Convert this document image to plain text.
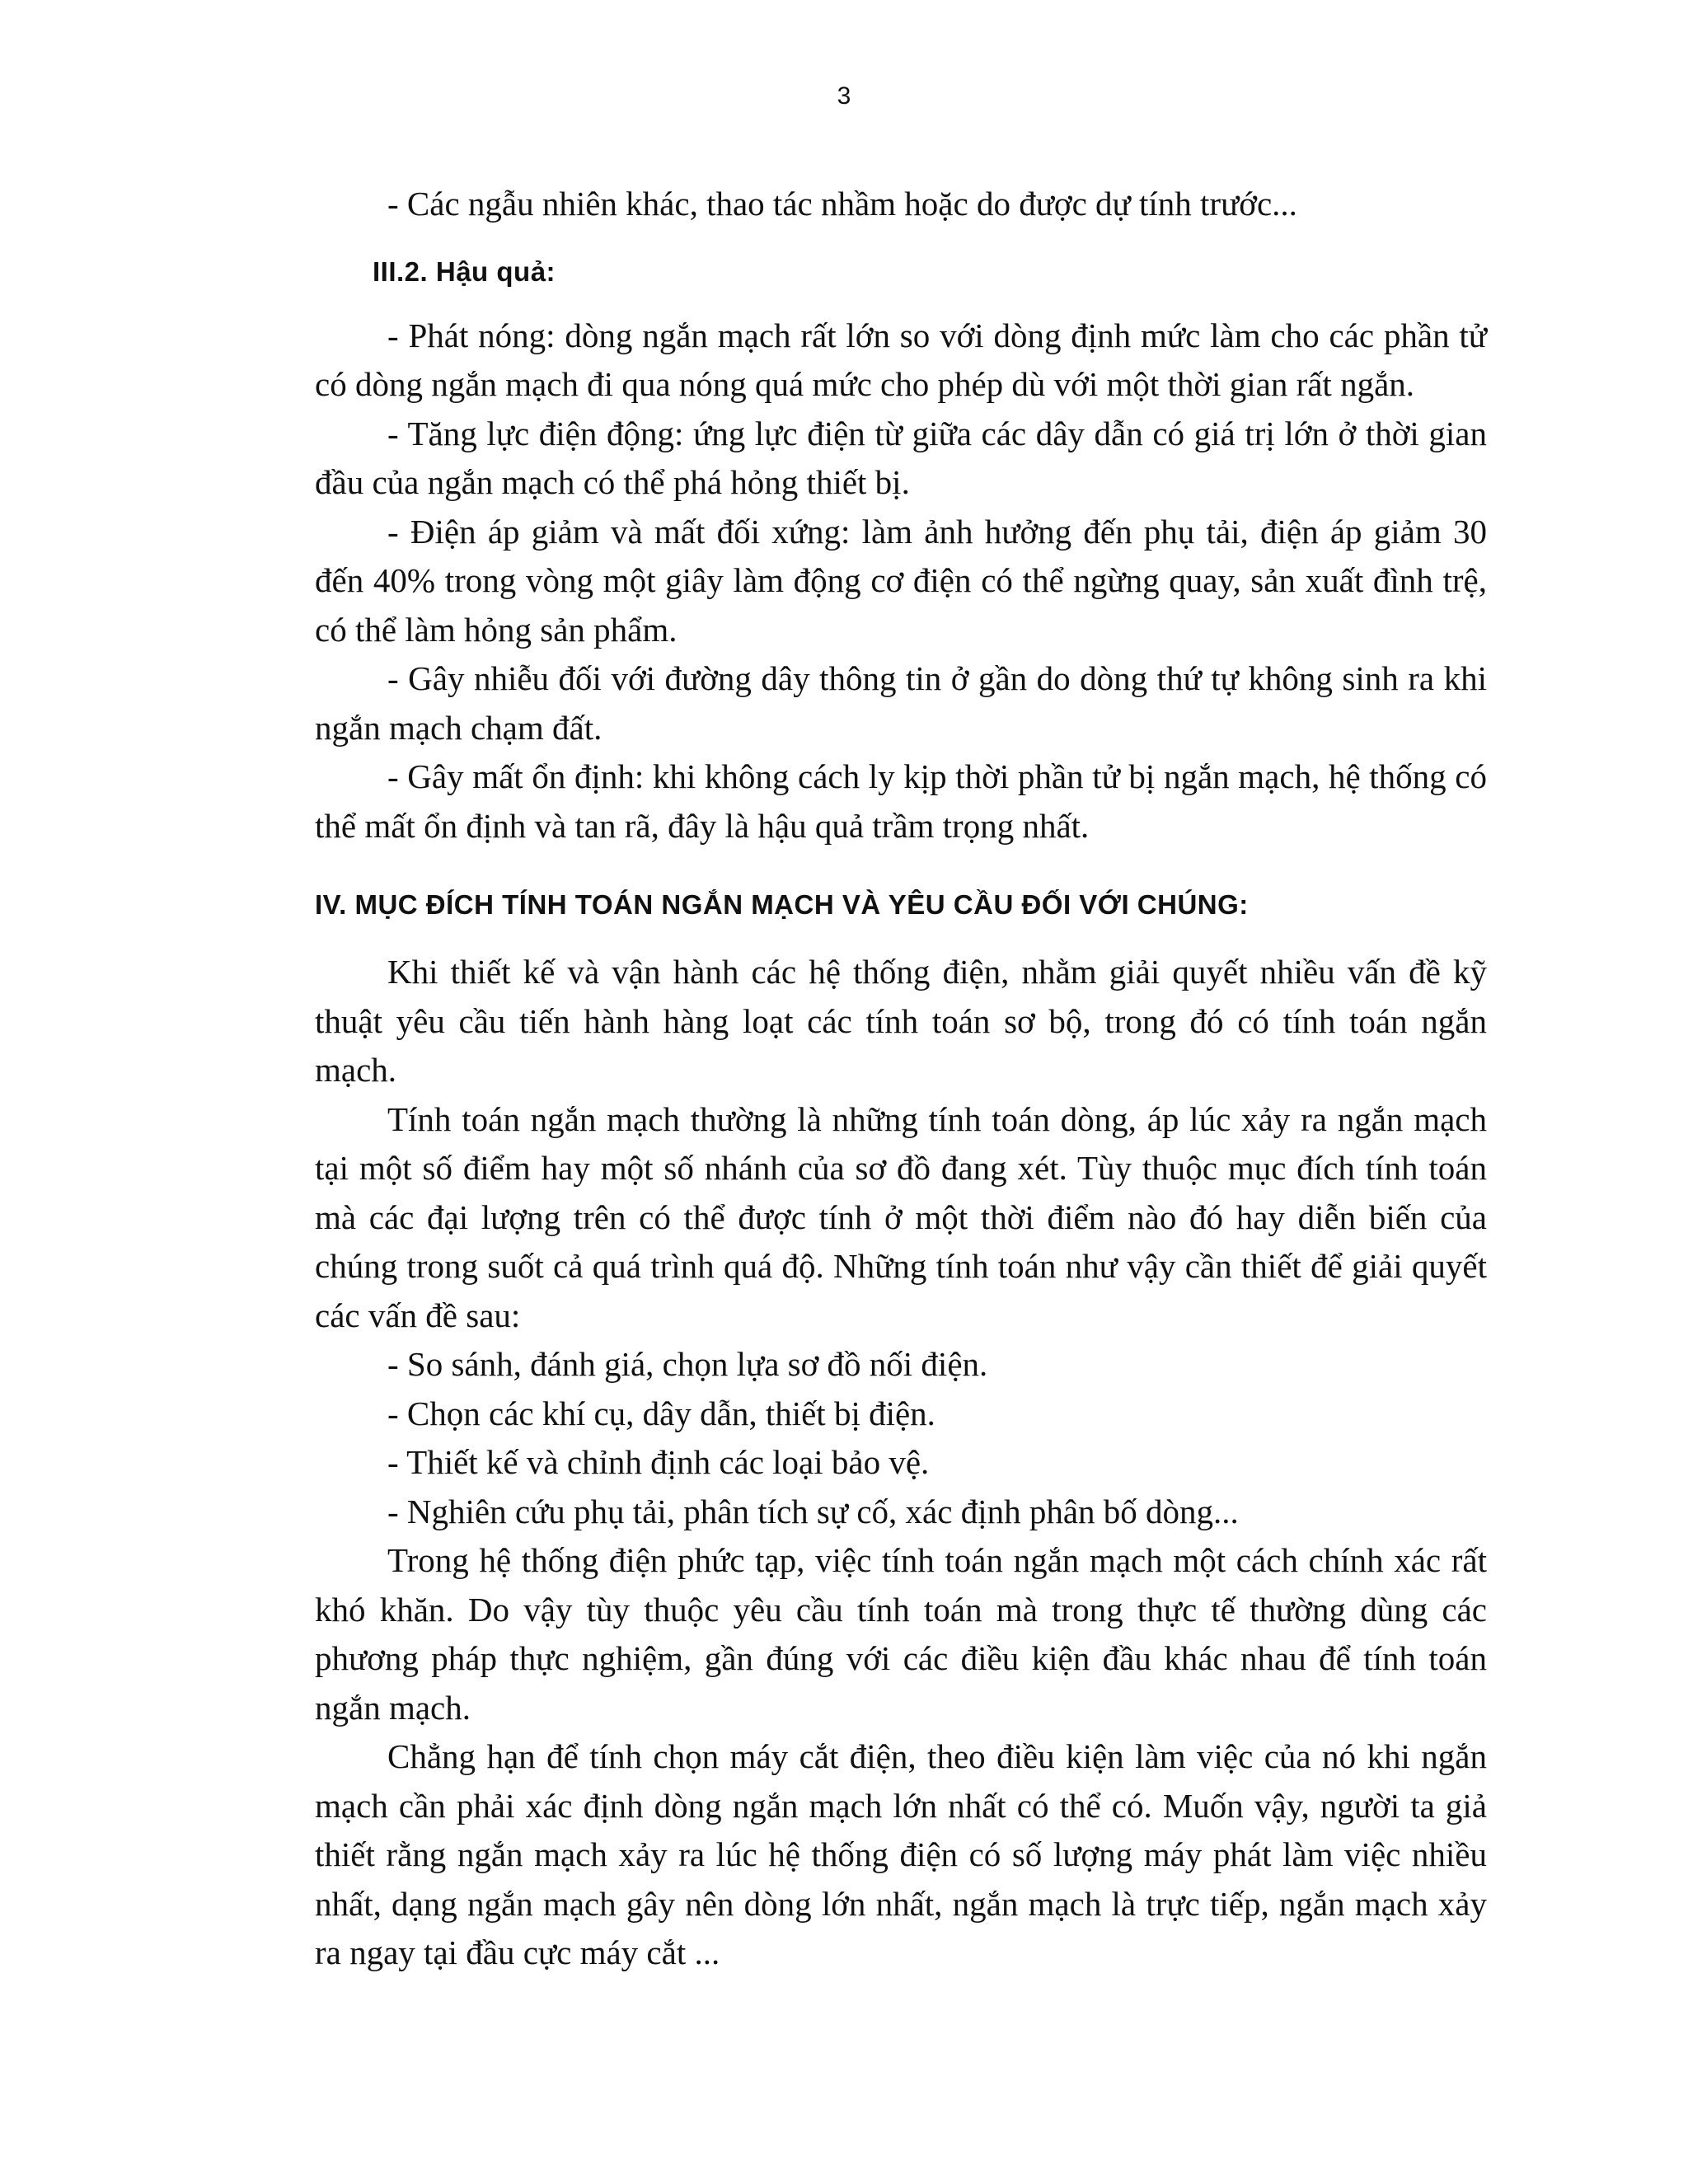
3

- Các ngẫu nhiên khác, thao tác nhầm hoặc do được dự tính trước...

III.2. Hậu quả:

- Phát nóng: dòng ngắn mạch rất lớn so với dòng định mức làm cho các phần tử có dòng ngắn mạch đi qua nóng quá mức cho phép dù với một thời gian rất ngắn.

- Tăng lực điện động: ứng lực điện từ giữa các dây dẫn có giá trị lớn ở thời gian đầu của ngắn mạch có thể phá hỏng thiết bị.

- Điện áp giảm và mất đối xứng: làm ảnh hưởng đến phụ tải, điện áp giảm 30 đến 40% trong vòng một giây làm động cơ điện có thể ngừng quay, sản xuất đình trệ, có thể làm hỏng sản phẩm.

- Gây nhiễu đối với đường dây thông tin ở gần do dòng thứ tự không sinh ra khi ngắn mạch chạm đất.

- Gây mất ổn định: khi không cách ly kịp thời phần tử bị ngắn mạch, hệ thống có thể mất ổn định và tan rã, đây là hậu quả trầm trọng nhất.

IV. MỤC ĐÍCH TÍNH TOÁN NGẮN MẠCH VÀ YÊU CẦU ĐỐI VỚI CHÚNG:

Khi thiết kế và vận hành các hệ thống điện, nhằm giải quyết nhiều vấn đề kỹ thuật yêu cầu tiến hành hàng loạt các tính toán sơ bộ, trong đó có tính toán ngắn mạch.

Tính toán ngắn mạch thường là những tính toán dòng, áp lúc xảy ra ngắn mạch tại một số điểm hay một số nhánh của sơ đồ đang xét. Tùy thuộc mục đích tính toán mà các đại lượng trên có thể được tính ở một thời điểm nào đó hay diễn biến của chúng trong suốt cả quá trình quá độ. Những tính toán như vậy cần thiết để giải quyết các vấn đề sau:

- So sánh, đánh giá, chọn lựa sơ đồ nối điện.

- Chọn các khí cụ, dây dẫn, thiết bị điện.

- Thiết kế và chỉnh định các loại bảo vệ.

- Nghiên cứu phụ tải, phân tích sự cố, xác định phân bố dòng...

Trong hệ thống điện phức tạp, việc tính toán ngắn mạch một cách chính xác rất khó khăn. Do vậy tùy thuộc yêu cầu tính toán mà trong thực tế thường dùng các phương pháp thực nghiệm, gần đúng với các điều kiện đầu khác nhau để tính toán ngắn mạch.

Chẳng hạn để tính chọn máy cắt điện, theo điều kiện làm việc của nó khi ngắn mạch cần phải xác định dòng ngắn mạch lớn nhất có thể có. Muốn vậy, người ta giả thiết rằng ngắn mạch xảy ra lúc hệ thống điện có số lượng máy phát làm việc nhiều nhất, dạng ngắn mạch gây nên dòng lớn nhất, ngắn mạch là trực tiếp, ngắn mạch xảy ra ngay tại đầu cực máy cắt ...
